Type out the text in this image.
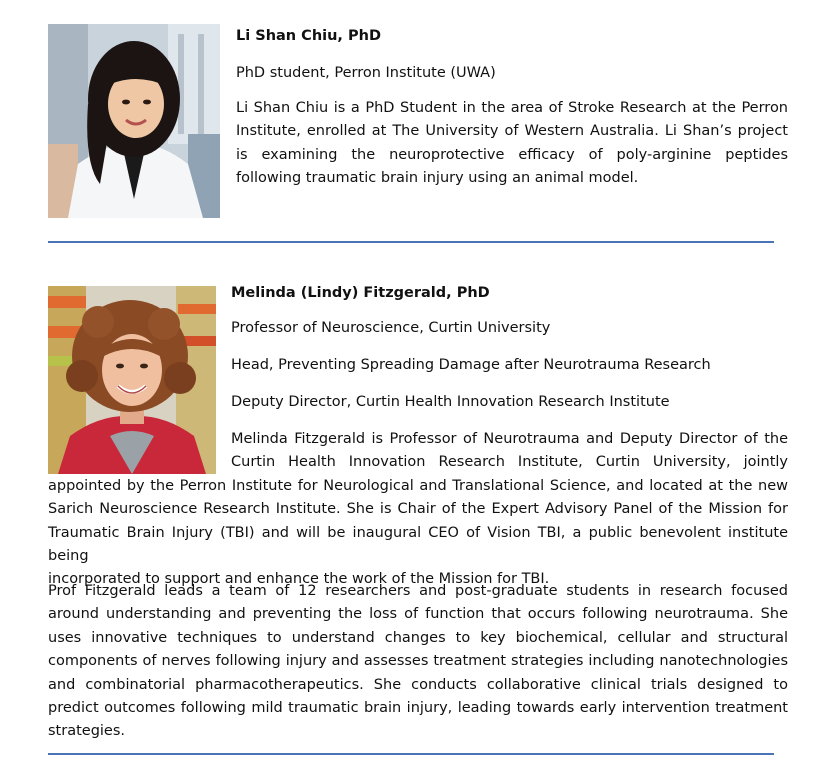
Li Shan Chiu, PhD

PhD student, Perron Institute (UWA)

Li Shan Chiu is a PhD Student in the area of Stroke Research at the Perron Institute, enrolled at The University of Western Australia. Li Shan’s project is examining the neuroprotective efficacy of poly-arginine peptides following traumatic brain injury using an animal model.

Melinda (Lindy) Fitzgerald, PhD

Professor of Neuroscience, Curtin University

Head, Preventing Spreading Damage after Neurotrauma Research

Deputy Director, Curtin Health Innovation Research Institute

Melinda Fitzgerald is Professor of Neurotrauma and Deputy Director of the
Curtin Health Innovation Research Institute, Curtin University, jointly
appointed by the Perron Institute for Neurological and Translational Science, and located at the new
Sarich Neuroscience Research Institute. She is Chair of the Expert Advisory Panel of the Mission for
Traumatic Brain Injury (TBI) and will be inaugural CEO of Vision TBI, a public benevolent institute being
incorporated to support and enhance the work of the Mission for TBI.

Prof Fitzgerald leads a team of 12 researchers and post-graduate students in research focused around understanding and preventing the loss of function that occurs following neurotrauma. She uses innovative techniques to understand changes to key biochemical, cellular and structural components of nerves following injury and assesses treatment strategies including nanotechnologies and combinatorial pharmacotherapeutics. She conducts collaborative clinical trials designed to predict outcomes following mild traumatic brain injury, leading towards early intervention treatment strategies.
